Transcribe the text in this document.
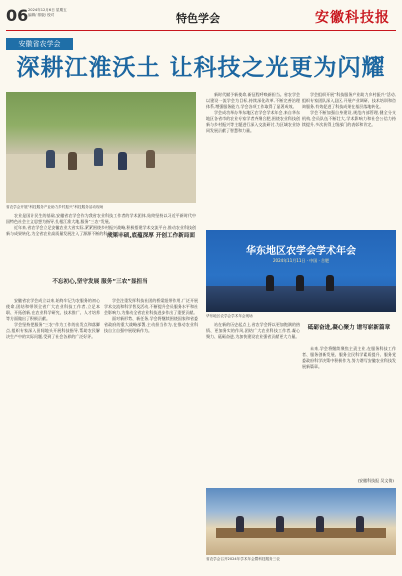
06 2024年12月6日 星期五
编辑/ 排版/ 校对	特色学会	安徽科技报
安徽省农学会
深耕江淮沃土 让科技之光更为闪耀
省农学会开展“科技服务产业助力乡村振兴”科技服务活动现场

农业是国计民生的基础,安徽省农学会作为我省农业科技工作者的学术团体,始终坚持以习近平新时代中国特色社会主义思想为指导,扎根江淮大地,服务“三农”发展。

近年来,省农学会立足安徽农业大省实际,紧紧围绕乡村振兴战略,积极搭建学术交流平台,推动农业科技创新与成果转化,为全省农业高质量发展注入了源源不断的科技动力。

不忘初心,坚守发展 服务“三农”显担当

安徽省农学会成立以来,始终牢记为农服务的初心使命,团结和带领全省广大农业科技工作者,立足本职、开拓创新,在农业科学研究、技术推广、人才培养等方面做出了积极贡献。

学会坚持把服务“三农”作为工作的出发点和落脚点,组织专家深入田间地头开展科技指导,帮助农民解决生产中的实际问题,受到了社会各界的广泛好评。

学会注重发挥科技社团的桥梁纽带作用,广泛开展学术交流和科学普及活动,不断提升会员服务水平和社会影响力,为推动全省农业科技进步作出了重要贡献。

面对新形势、新任务,学会将继续围绕国家和省委省政府的重大战略部署,主动担当作为,在推动农业科技自立自强中展现新作为。

新时代赋予新使命,新征程呼唤新担当。省农学会以建设一流学会为目标,持续深化改革,不断完善治理体系,增强服务能力,学会各项工作取得了显著成效。

学会成功举办华东地区农学会学术年会,来自华东地区各省市的农业专家学者齐聚合肥,围绕农业科技创新与乡村振兴等主题进行深入交流研讨,为区域农业协同发展贡献了智慧和力量。

学会组织开展“科技服务产业助力乡村振兴”活动,组织专家团队深入县区,开展产业调研、技术培训和咨询服务,有效促进了科技成果在基层落地转化。

学会不断加强自身建设,规范内部管理,健全分支机构,会员队伍不断壮大,学术影响力和社会公信力持续提升,多次获得上级部门的表彰和肯定。

华东地区农学会学术年会
2024年11月11日 · 中国 · 合肥
华东地区农学会学术年会现场
成果丰硕,底蕴深厚 开创工作新局面

站在新的历史起点上,省农学会将以更加饱满的热情、更加务实的作风,团结广大农业科技工作者,凝心聚力、砥砺奋进,为加快建设农业强省贡献更大力量。

砥砺奋进,凝心聚力 谱写崭新篇章

未来,学会将继续聚焦主责主业,在服务科技工作者、服务创新发展、服务全民科学素质提升、服务党委政府科学决策中积极作为,努力谱写安徽农业科技发展新篇章。

省农学会召开2024年学术年会暨科技服务三农
(安徽科技报 吴文倩)
